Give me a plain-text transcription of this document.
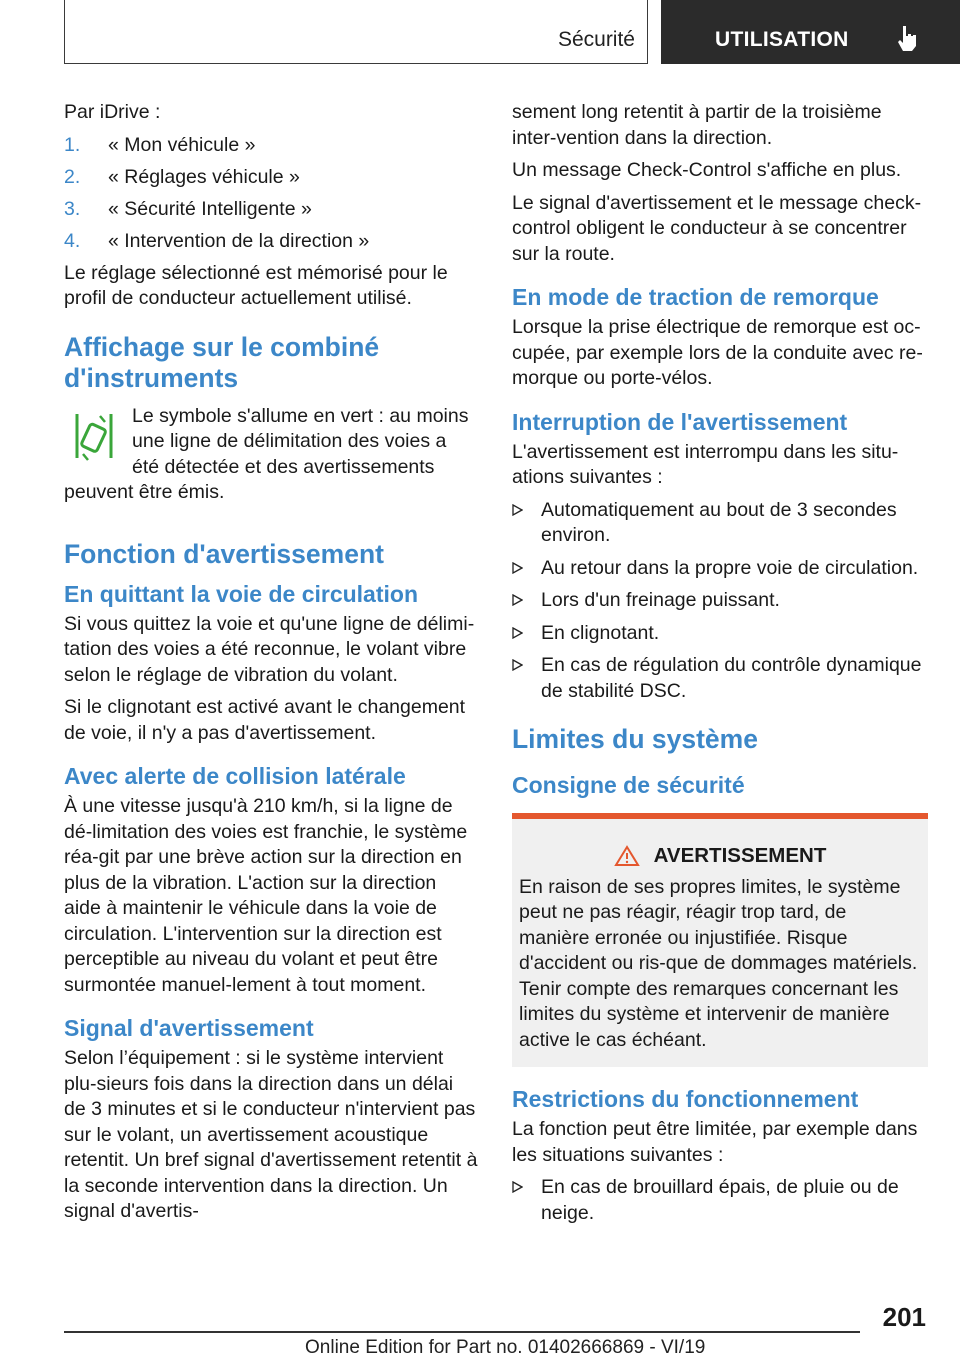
Sécurité	UTILISATION

Par iDrive :

1. « Mon véhicule »
2. « Réglages véhicule »
3. « Sécurité Intelligente »
4. « Intervention de la direction »

Le réglage sélectionné est mémorisé pour le profil de conducteur actuellement utilisé.

Affichage sur le combiné d'instruments

Le symbole s'allume en vert : au moins une ligne de délimitation des voies a été détectée et des avertissements peuvent être émis.

Fonction d'avertissement
En quittant la voie de circulation

Si vous quittez la voie et qu'une ligne de délimi‐tation des voies a été reconnue, le volant vibre selon le réglage de vibration du volant.

Si le clignotant est activé avant le changement de voie, il n'y a pas d'avertissement.

Avec alerte de collision latérale

À une vitesse jusqu'à 210 km/h, si la ligne de dé‐limitation des voies est franchie, le système réa‐git par une brève action sur la direction en plus de la vibration. L'action sur la direction aide à maintenir le véhicule dans la voie de circulation. L'intervention sur la direction est perceptible au niveau du volant et peut être surmontée manuel‐lement à tout moment.

Signal d'avertissement

Selon l’équipement : si le système intervient plu‐sieurs fois dans la direction dans un délai de 3 minutes et si le conducteur n'intervient pas sur le volant, un avertissement acoustique retentit. Un bref signal d'avertissement retentit à la seconde intervention dans la direction. Un signal d'avertis‐

sement long retentit à partir de la troisième inter‐vention dans la direction.

Un message Check-Control s'affiche en plus.

Le signal d'avertissement et le message check-control obligent le conducteur à se concentrer sur la route.

En mode de traction de remorque

Lorsque la prise électrique de remorque est oc‐cupée, par exemple lors de la conduite avec re‐morque ou porte-vélos.

Interruption de l'avertissement

L'avertissement est interrompu dans les situ‐ations suivantes :

Automatiquement au bout de 3 secondes environ.
Au retour dans la propre voie de circulation.
Lors d'un freinage puissant.
En clignotant.
En cas de régulation du contrôle dynamique de stabilité DSC.
Limites du système
Consigne de sécurité
AVERTISSEMENT
En raison de ses propres limites, le système peut ne pas réagir, réagir trop tard, de manière erronée ou injustifiée. Risque d'accident ou ris‐que de dommages matériels. Tenir compte des remarques concernant les limites du système et intervenir de manière active le cas échéant.
Restrictions du fonctionnement

La fonction peut être limitée, par exemple dans les situations suivantes :

En cas de brouillard épais, de pluie ou de neige.
201
Online Edition for Part no. 01402666869 - VI/19
